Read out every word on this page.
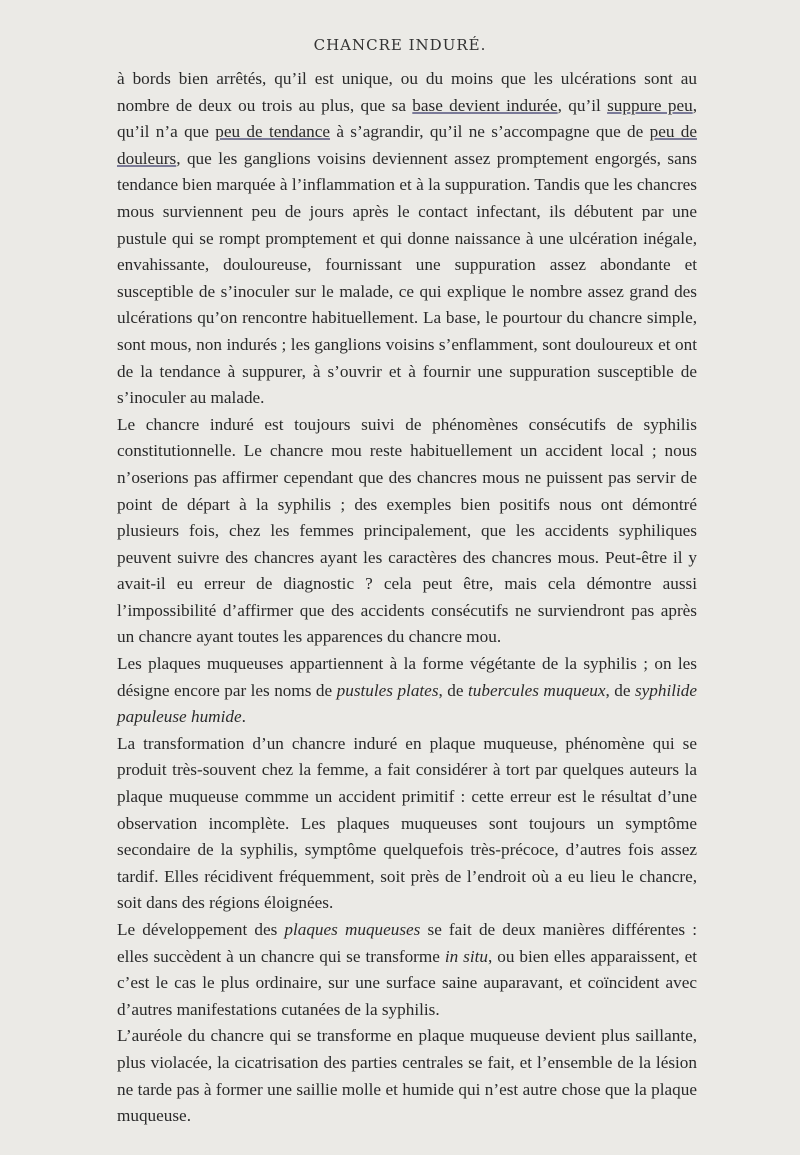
CHANCRE INDURÉ.

à bords bien arrêtés, qu’il est unique, ou du moins que les ulcérations sont au nombre de deux ou trois au plus, que sa base devient indurée, qu’il suppure peu, qu’il n’a que peu de tendance à s’agrandir, qu’il ne s’accompagne que de peu de douleurs, que les ganglions voisins deviennent assez promptement engorgés, sans tendance bien marquée à l’inflammation et à la suppuration. Tandis que les chancres mous surviennent peu de jours après le contact infectant, ils débutent par une pustule qui se rompt promptement et qui donne naissance à une ulcération inégale, envahissante, douloureuse, fournissant une suppuration assez abondante et susceptible de s’inoculer sur le malade, ce qui explique le nombre assez grand des ulcérations qu’on rencontre habituellement. La base, le pourtour du chancre simple, sont mous, non indurés ; les ganglions voisins s’enflamment, sont douloureux et ont de la tendance à suppurer, à s’ouvrir et à fournir une suppuration susceptible de s’inoculer au malade.

Le chancre induré est toujours suivi de phénomènes consécutifs de syphilis constitutionnelle. Le chancre mou reste habituellement un accident local ; nous n’oserions pas affirmer cependant que des chancres mous ne puissent pas servir de point de départ à la syphilis ; des exemples bien positifs nous ont démontré plusieurs fois, chez les femmes principalement, que les accidents syphiliques peuvent suivre des chancres ayant les caractères des chancres mous. Peut-être il y avait-il eu erreur de diagnostic ? cela peut être, mais cela démontre aussi l’impossibilité d’affirmer que des accidents consécutifs ne surviendront pas après un chancre ayant toutes les apparences du chancre mou.

Les plaques muqueuses appartiennent à la forme végétante de la syphilis ; on les désigne encore par les noms de pustules plates, de tubercules muqueux, de syphilide papuleuse humide.

La transformation d’un chancre induré en plaque muqueuse, phénomène qui se produit très-souvent chez la femme, a fait considérer à tort par quelques auteurs la plaque muqueuse commme un accident primitif : cette erreur est le résultat d’une observation incomplète. Les plaques muqueuses sont toujours un symptôme secondaire de la syphilis, symptôme quelquefois très-précoce, d’autres fois assez tardif. Elles récidivent fréquemment, soit près de l’endroit où a eu lieu le chancre, soit dans des régions éloignées.

Le développement des plaques muqueuses se fait de deux manières différentes : elles succèdent à un chancre qui se transforme in situ, ou bien elles apparaissent, et c’est le cas le plus ordinaire, sur une surface saine auparavant, et coïncident avec d’autres manifestations cutanées de la syphilis.

L’auréole du chancre qui se transforme en plaque muqueuse devient plus saillante, plus violacée, la cicatrisation des parties centrales se fait, et l’ensemble de la lésion ne tarde pas à former une saillie molle et humide qui n’est autre chose que la plaque muqueuse.
